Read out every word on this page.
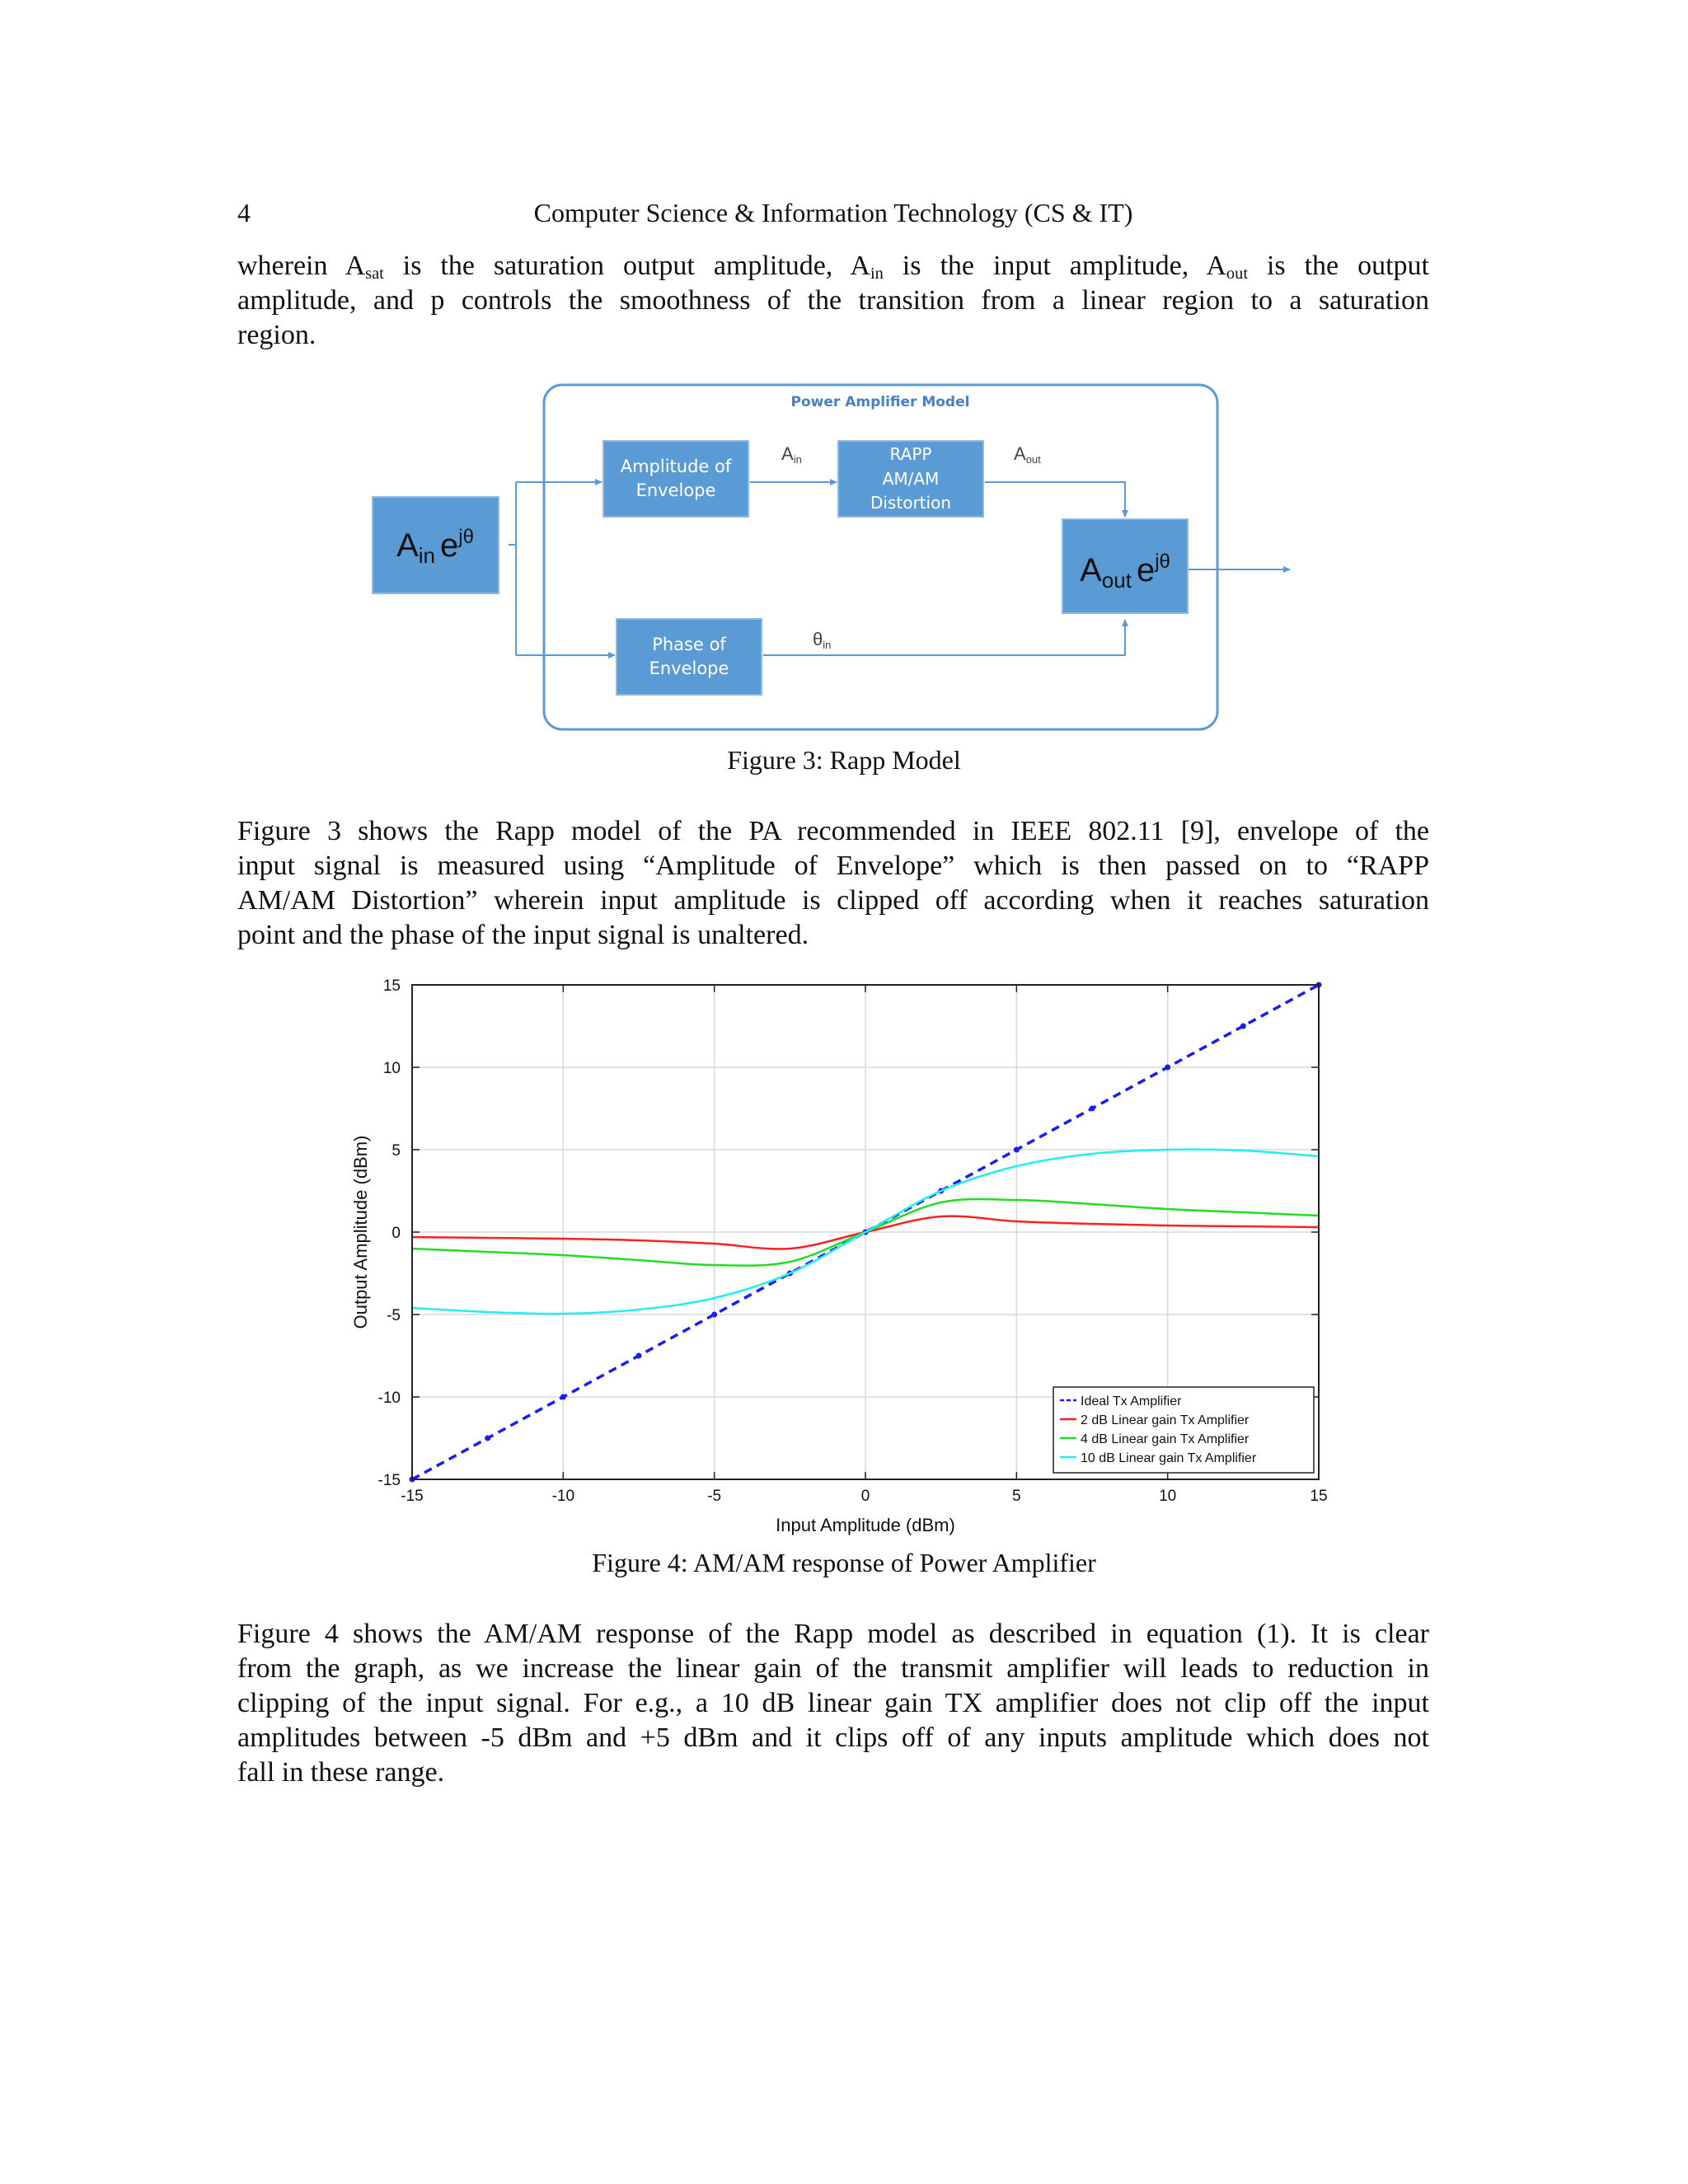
4	Computer Science & Information Technology (CS & IT)
wherein $A_{sat}$ is the saturation output amplitude, $A_{in}$ is the input amplitude, $A_{out}$ is the output
amplitude, and p controls the smoothness of the transition from a linear region to a saturation
region.
Power Amplifier Model
$A_{in}$ $e^{j\theta}$
Amplitude of
Envelope
RAPP
AM/AM
Distortion
Phase of
Envelope
$A_{out}$ $e^{j\theta}$
Ain	Aout
θin
Figure 3: Rapp Model
Figure 3 shows the Rapp model of the PA recommended in IEEE 802.11 [9], envelope of the
input signal is measured using “Amplitude of Envelope” which is then passed on to “RAPP
AM/AM Distortion” wherein input amplitude is clipped off according when it reaches saturation
point and the phase of the input signal is unaltered.
-15	-10	-5	0	5	10	15
-15
-10
-5
0
5
10
15
Input Amplitude (dBm)
Output Amplitude (dBm)
Ideal Tx Amplifier
2 dB Linear gain Tx Amplifier
4 dB Linear gain Tx Amplifier
10 dB Linear gain Tx Amplifier
Figure 4: AM/AM response of Power Amplifier
Figure 4 shows the AM/AM response of the Rapp model as described in equation (1). It is clear
from the graph, as we increase the linear gain of the transmit amplifier will leads to reduction in
clipping of the input signal. For e.g., a 10 dB linear gain TX amplifier does not clip off the input
amplitudes between -5 dBm and +5 dBm and it clips off of any inputs amplitude which does not
fall in these range.
